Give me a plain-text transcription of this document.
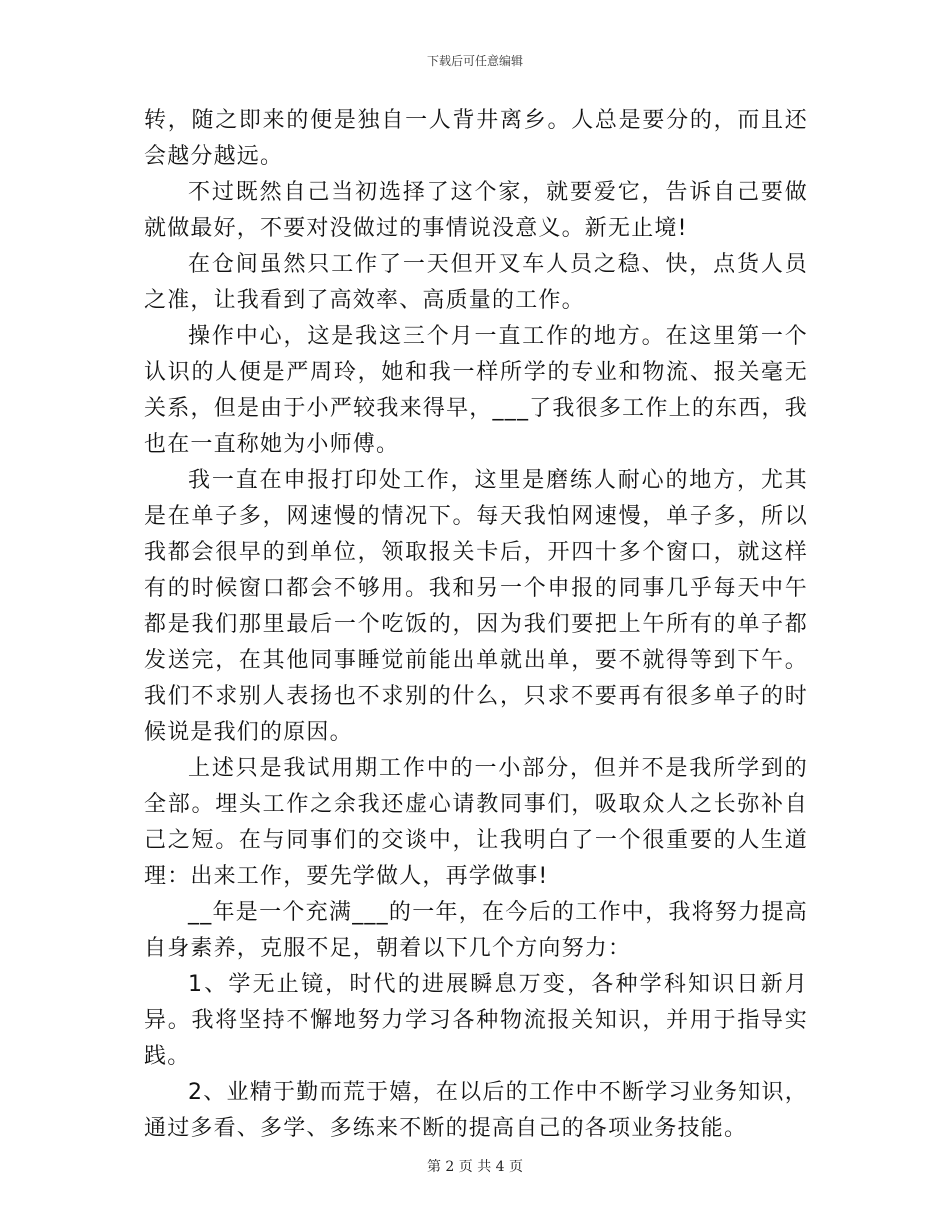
下载后可任意编辑

转，随之即来的便是独自一人背井离乡。人总是要分的，而且还会越分越远。

不过既然自己当初选择了这个家，就要爱它，告诉自己要做就做最好，不要对没做过的事情说没意义。新无止境!

在仓间虽然只工作了一天但开叉车人员之稳、快，点货人员之准，让我看到了高效率、高质量的工作。

操作中心，这是我这三个月一直工作的地方。在这里第一个认识的人便是严周玲，她和我一样所学的专业和物流、报关毫无关系，但是由于小严较我来得早，___了我很多工作上的东西，我也在一直称她为小师傅。

我一直在申报打印处工作，这里是磨练人耐心的地方，尤其是在单子多，网速慢的情况下。每天我怕网速慢，单子多，所以我都会很早的到单位，领取报关卡后，开四十多个窗口，就这样有的时候窗口都会不够用。我和另一个申报的同事几乎每天中午都是我们那里最后一个吃饭的，因为我们要把上午所有的单子都发送完，在其他同事睡觉前能出单就出单，要不就得等到下午。我们不求别人表扬也不求别的什么，只求不要再有很多单子的时候说是我们的原因。

上述只是我试用期工作中的一小部分，但并不是我所学到的全部。埋头工作之余我还虚心请教同事们，吸取众人之长弥补自己之短。在与同事们的交谈中，让我明白了一个很重要的人生道理：出来工作，要先学做人，再学做事!

__年是一个充满___的一年，在今后的工作中，我将努力提高自身素养，克服不足，朝着以下几个方向努力：

1、学无止镜，时代的进展瞬息万变，各种学科知识日新月异。我将坚持不懈地努力学习各种物流报关知识，并用于指导实践。

2、业精于勤而荒于嬉，在以后的工作中不断学习业务知识，通过多看、多学、多练来不断的提高自己的各项业务技能。

第 2 页 共 4 页
